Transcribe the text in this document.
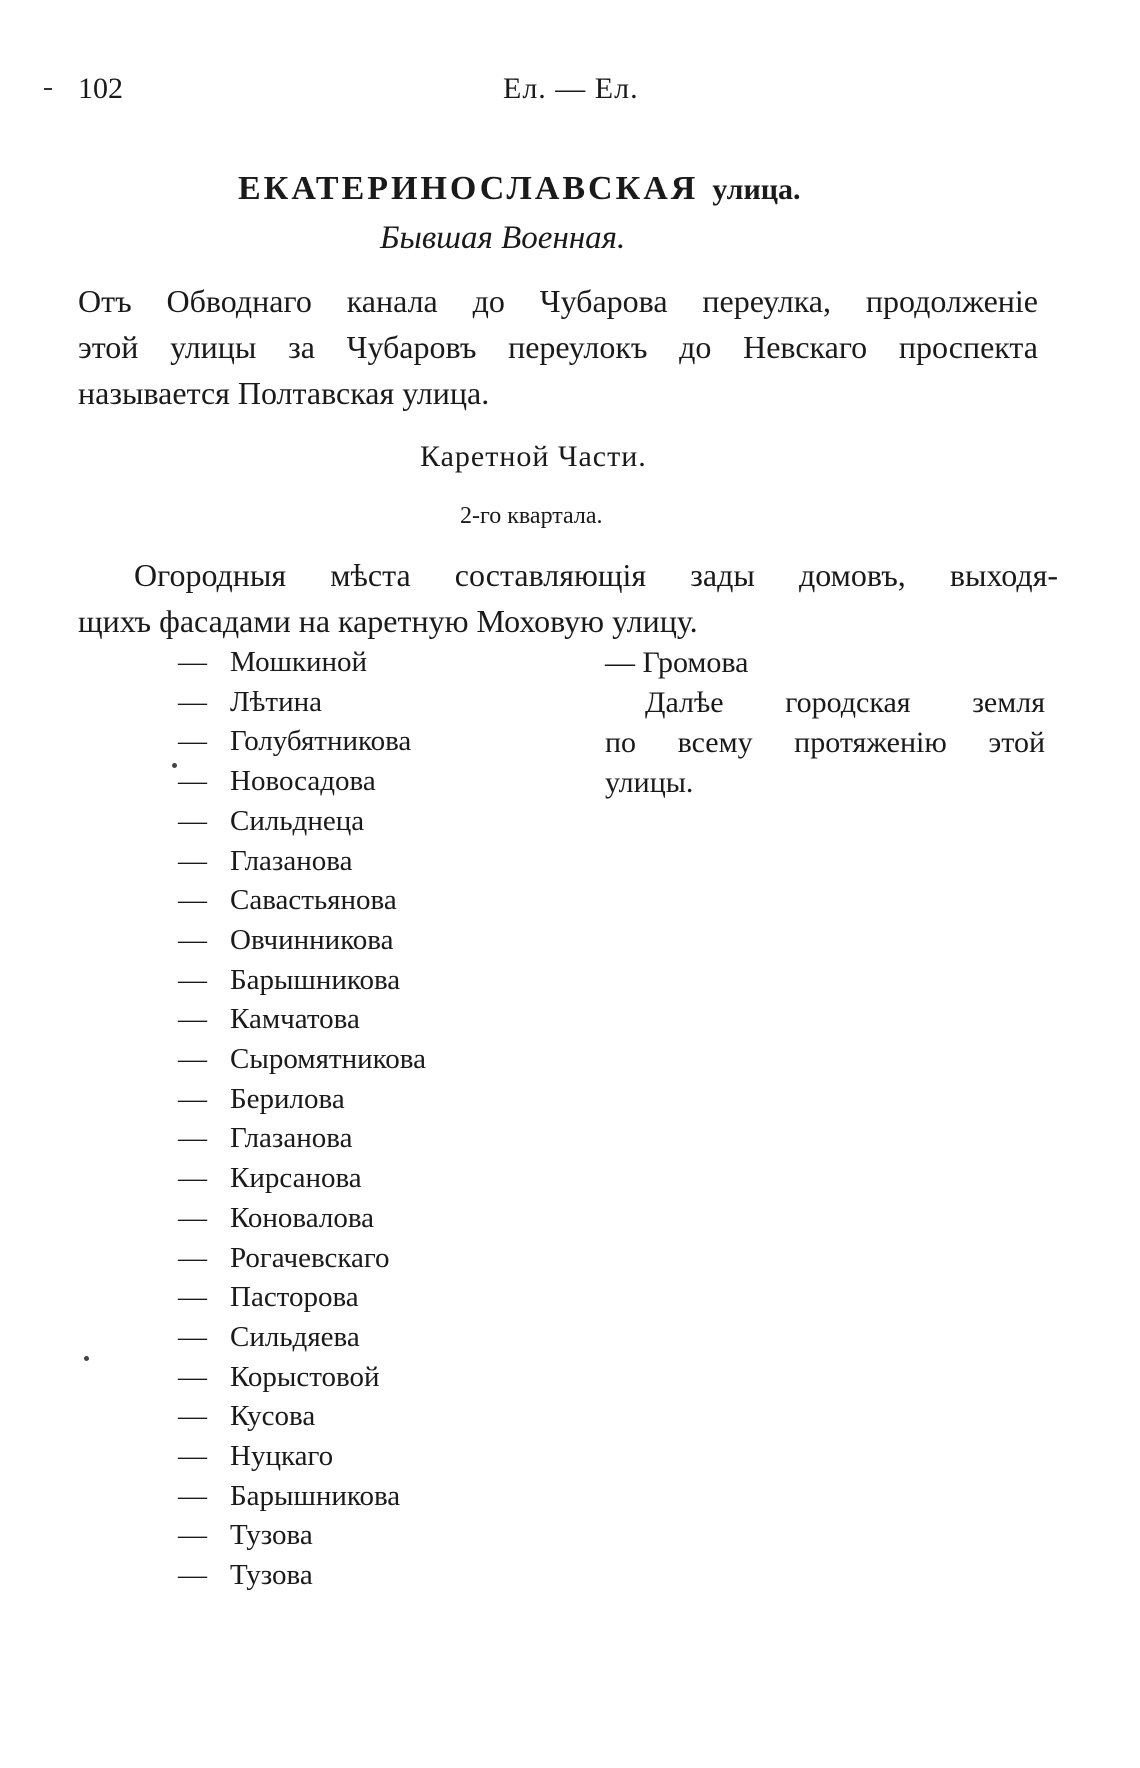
102	Ел. — Ел.
ЕКАТЕРИНОСЛАВСКАЯ улица.
Бывшая Военная.
Отъ Обводнаго канала до Чубарова переулка, продолженіе
этой улицы за Чубаровъ переулокъ до Невскаго проспекта
называется Полтавская улица.
Каретной Части.
2-го квартала.
Огородныя мѣста составляющія зады домовъ, выходя-
щихъ фасадами на каретную Моховую улицу.
— Мошкиной
— Лѣтина
— Голубятникова
— Новосадова
— Сильднеца
— Глазанова
— Савастьянова
— Овчинникова
— Барышникова
— Камчатова
— Сыромятникова
— Берилова
— Глазанова
— Кирсанова
— Коновалова
— Рогачевскаго
— Пасторова
— Сильдяева
— Корыстовой
— Кусова
— Нуцкаго
— Барышникова
— Тузова
— Тузова
— Громова
Далѣе городская земля
по всему протяженію этой
улицы.
